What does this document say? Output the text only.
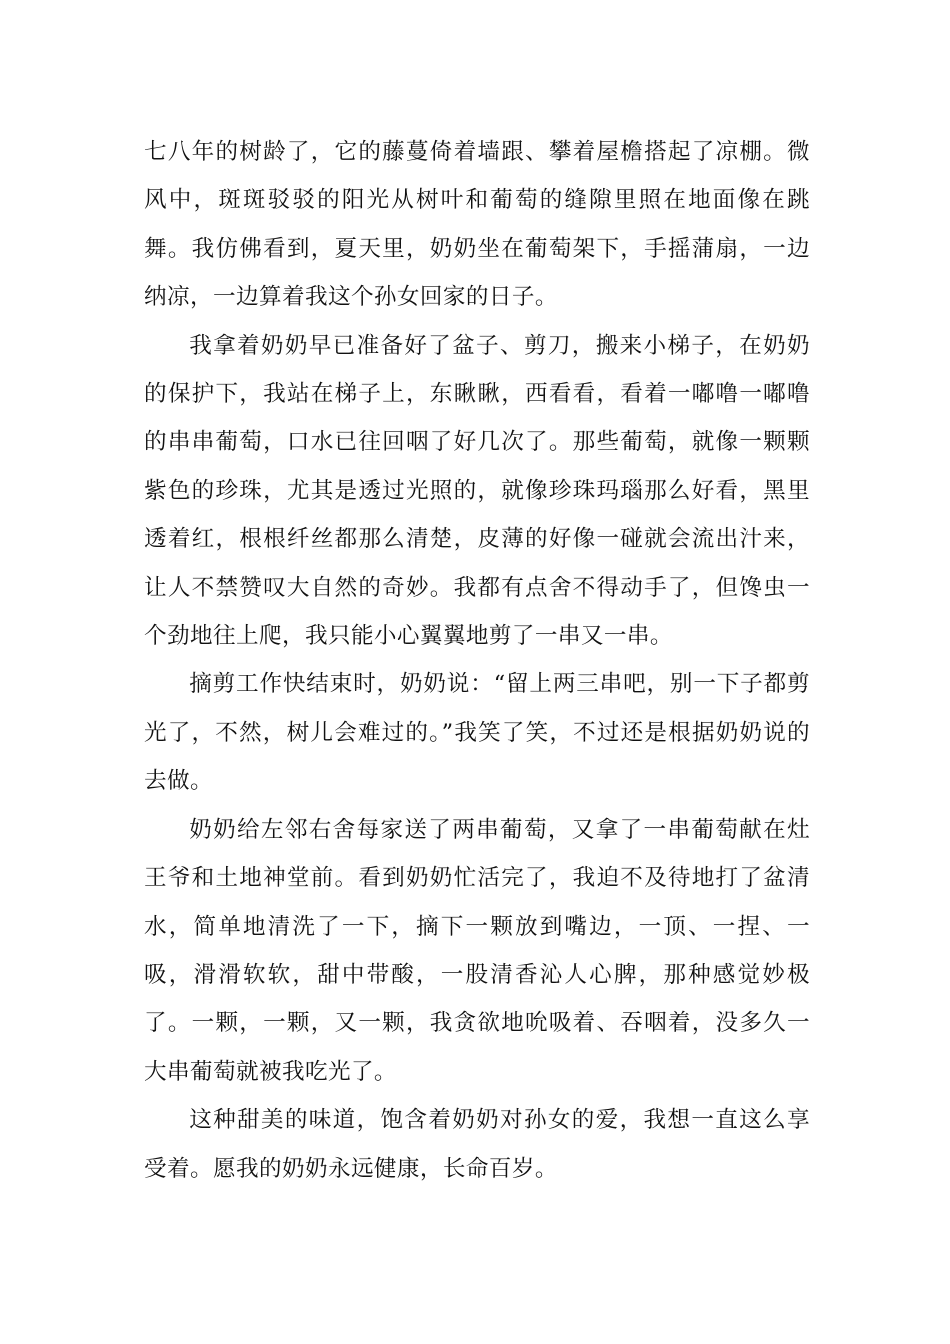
七八年的树龄了，它的藤蔓倚着墙跟、攀着屋檐搭起了凉棚。微风中，斑斑驳驳的阳光从树叶和葡萄的缝隙里照在地面像在跳舞。我仿佛看到，夏天里，奶奶坐在葡萄架下，手摇蒲扇，一边纳凉，一边算着我这个孙女回家的日子。

我拿着奶奶早已准备好了盆子、剪刀，搬来小梯子，在奶奶的保护下，我站在梯子上，东瞅瞅，西看看，看着一嘟噜一嘟噜的串串葡萄，口水已往回咽了好几次了。那些葡萄，就像一颗颗紫色的珍珠，尤其是透过光照的，就像珍珠玛瑙那么好看，黑里透着红，根根纤丝都那么清楚，皮薄的好像一碰就会流出汁来，让人不禁赞叹大自然的奇妙。我都有点舍不得动手了，但馋虫一个劲地往上爬，我只能小心翼翼地剪了一串又一串。

摘剪工作快结束时，奶奶说：“留上两三串吧，别一下子都剪光了，不然，树儿会难过的。”我笑了笑，不过还是根据奶奶说的去做。

奶奶给左邻右舍每家送了两串葡萄，又拿了一串葡萄献在灶王爷和土地神堂前。看到奶奶忙活完了，我迫不及待地打了盆清水，简单地清洗了一下，摘下一颗放到嘴边，一顶、一捏、一吸，滑滑软软，甜中带酸，一股清香沁人心脾，那种感觉妙极了。一颗，一颗，又一颗，我贪欲地吮吸着、吞咽着，没多久一大串葡萄就被我吃光了。

这种甜美的味道，饱含着奶奶对孙女的爱，我想一直这么享受着。愿我的奶奶永远健康，长命百岁。
